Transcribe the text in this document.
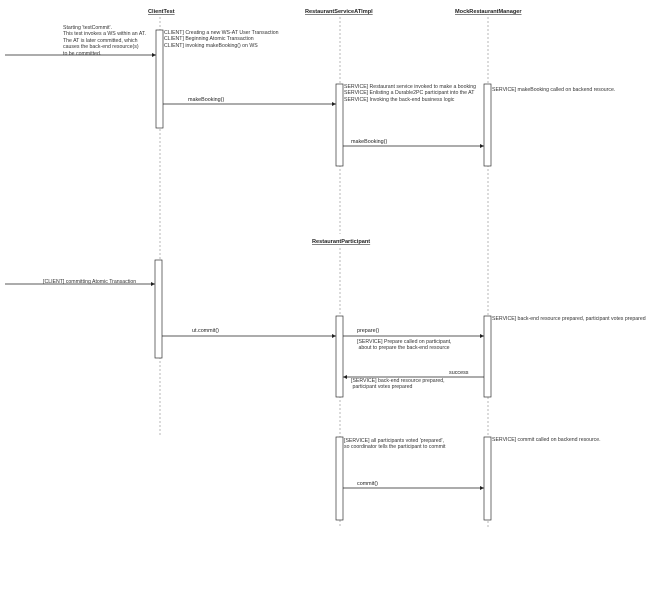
ClientTest	RestaurantServiceATImpl	MockRestaurantManager
RestaurantParticipant
makeBooking()
makeBooking()
ut.commit()	prepare()
success
commit()
Starting 'testCommit'.
This test invokes a WS within an AT.
The AT is later committed, which
causes the back-end resource(s)
to be committed.
CLIENT] Creating a new WS-AT User Transaction
CLIENT] Beginning Atomic Transaction
CLIENT] invoking makeBooking() on WS
SERVICE] Restaurant service invoked to make a booking
SERVICE] Enlisting a Durable2PC participant into the AT
SERVICE] Invoking the back-end business logic
SERVICE] makeBooking called on backend resource.
[CLIENT] committing Atomic Transaction
SERVICE] back-end resource prepared, participant votes prepared
[SERVICE] Prepare called on participant,
about to prepare the back-end resource
[SERVICE] back-end resource prepared,
participant votes prepared
[SERVICE] all participants voted 'prepared',
so coordinator tells the participant to commit
SERVICE] commit called on backend resource.
